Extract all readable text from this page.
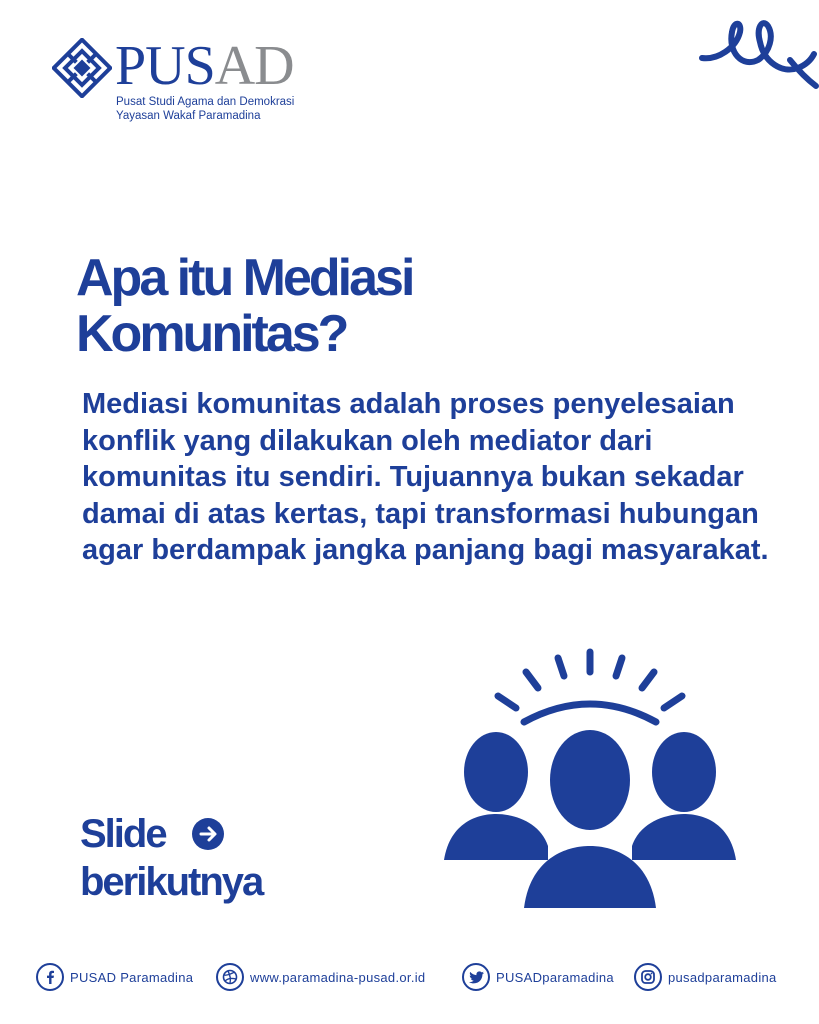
PUSAD
Pusat Studi Agama dan Demokrasi
Yayasan Wakaf Paramadina
Apa itu Mediasi
Komunitas?
Mediasi komunitas adalah proses penyelesaian konflik yang dilakukan oleh mediator dari komunitas itu sendiri. Tujuannya bukan sekadar damai di atas kertas, tapi transformasi hubungan agar berdampak jangka panjang bagi masyarakat.
Slide
berikutnya
PUSAD Paramadina	www.paramadina-pusad.or.id	PUSADparamadina	pusadparamadina
